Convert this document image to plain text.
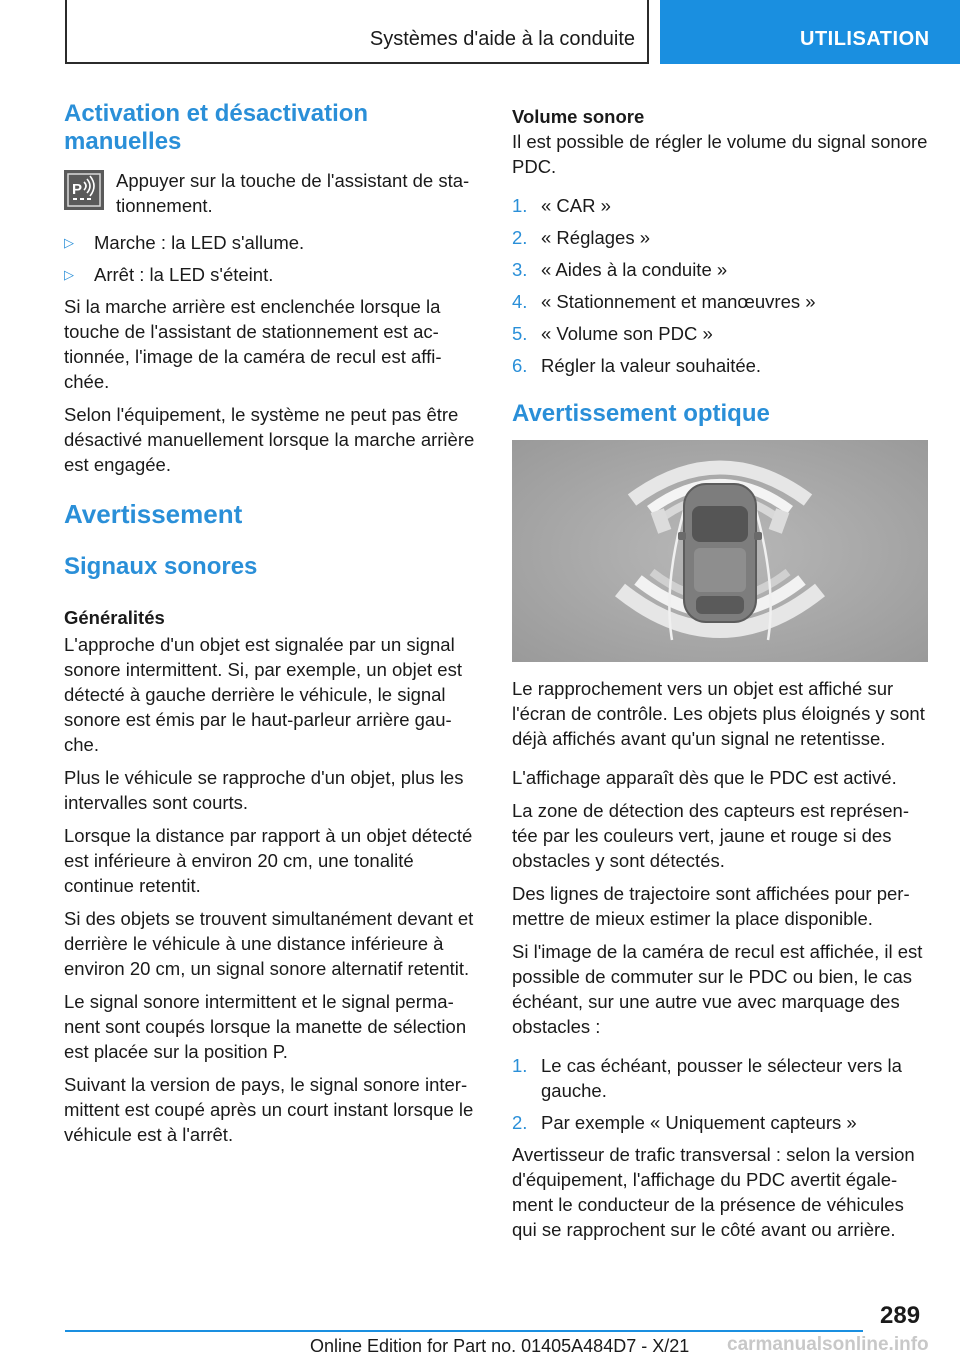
Systèmes d'aide à la conduite	UTILISATION
Activation et désactivation manuelles
P Appuyer sur la touche de l'assistant de stationnement.

▷	Marche : la LED s'allume.
▷	Arrêt : la LED s'éteint.

Si la marche arrière est enclenchée lorsque la touche de l'assistant de stationnement est actionnée, l'image de la caméra de recul est affichée.

Selon l'équipement, le système ne peut pas être désactivé manuellement lorsque la marche arrière est engagée.

Avertissement
Signaux sonores
Généralités

L'approche d'un objet est signalée par un signal sonore intermittent. Si, par exemple, un objet est détecté à gauche derrière le véhicule, le signal sonore est émis par le haut-parleur arrière gauche.

Plus le véhicule se rapproche d'un objet, plus les intervalles sont courts.

Lorsque la distance par rapport à un objet détecté est inférieure à environ 20 cm, une tonalité continue retentit.

Si des objets se trouvent simultanément devant et derrière le véhicule à une distance inférieure à environ 20 cm, un signal sonore alternatif retentit.

Le signal sonore intermittent et le signal permanent sont coupés lorsque la manette de sélection est placée sur la position P.

Suivant la version de pays, le signal sonore intermittent est coupé après un court instant lorsque le véhicule est à l'arrêt.

Volume sonore

Il est possible de régler le volume du signal sonore PDC.

1. « CAR »
2. « Réglages »
3. « Aides à la conduite »
4. « Stationnement et manœuvres »
5. « Volume son PDC »
6. Régler la valeur souhaitée.
Avertissement optique

Le rapprochement vers un objet est affiché sur l'écran de contrôle. Les objets plus éloignés y sont déjà affichés avant qu'un signal ne retentisse.

L'affichage apparaît dès que le PDC est activé.

La zone de détection des capteurs est représentée par les couleurs vert, jaune et rouge si des obstacles y sont détectés.

Des lignes de trajectoire sont affichées pour permettre de mieux estimer la place disponible.

Si l'image de la caméra de recul est affichée, il est possible de commuter sur le PDC ou bien, le cas échéant, sur une autre vue avec marquage des obstacles :

1. Le cas échéant, pousser le sélecteur vers la gauche.
2. Par exemple « Uniquement capteurs »

Avertisseur de trafic transversal : selon la version d'équipement, l'affichage du PDC avertit également le conducteur de la présence de véhicules qui se rapprochent sur le côté avant ou arrière.

289
Online Edition for Part no. 01405A484D7 - X/21 carmanualsonline.info
